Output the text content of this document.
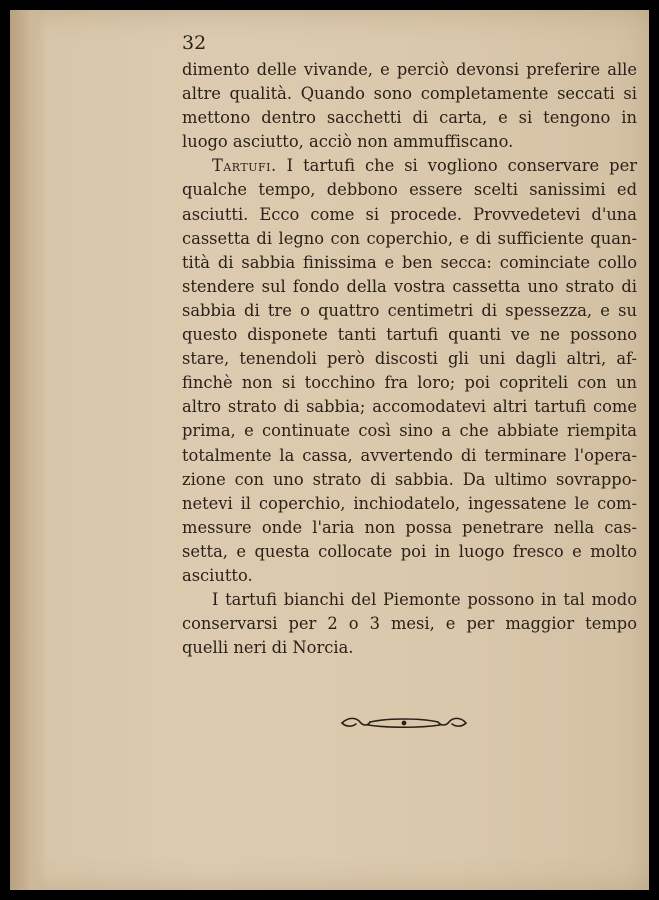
32
dimento delle vivande, e perciò devonsi preferire alle
altre qualità. Quando sono completamente seccati si
mettono dentro sacchetti di carta, e si tengono in
luogo asciutto, acciò non ammuffiscano.
Tartufi. I tartufi che si vogliono conservare per
qualche tempo, debbono essere scelti sanissimi ed
asciutti. Ecco come si procede. Provvedetevi d'una
cassetta di legno con coperchio, e di sufficiente quan-
tità di sabbia finissima e ben secca: cominciate collo
stendere sul fondo della vostra cassetta uno strato di
sabbia di tre o quattro centimetri di spessezza, e su
questo disponete tanti tartufi quanti ve ne possono
stare, tenendoli però discosti gli uni dagli altri, af-
finchè non si tocchino fra loro; poi copriteli con un
altro strato di sabbia; accomodatevi altri tartufi come
prima, e continuate così sino a che abbiate riempita
totalmente la cassa, avvertendo di terminare l'opera-
zione con uno strato di sabbia. Da ultimo sovrappo-
netevi il coperchio, inchiodatelo, ingessatene le com-
messure onde l'aria non possa penetrare nella cas-
setta, e questa collocate poi in luogo fresco e molto
asciutto.
I tartufi bianchi del Piemonte possono in tal modo
conservarsi per 2 o 3 mesi, e per maggior tempo
quelli neri di Norcia.
